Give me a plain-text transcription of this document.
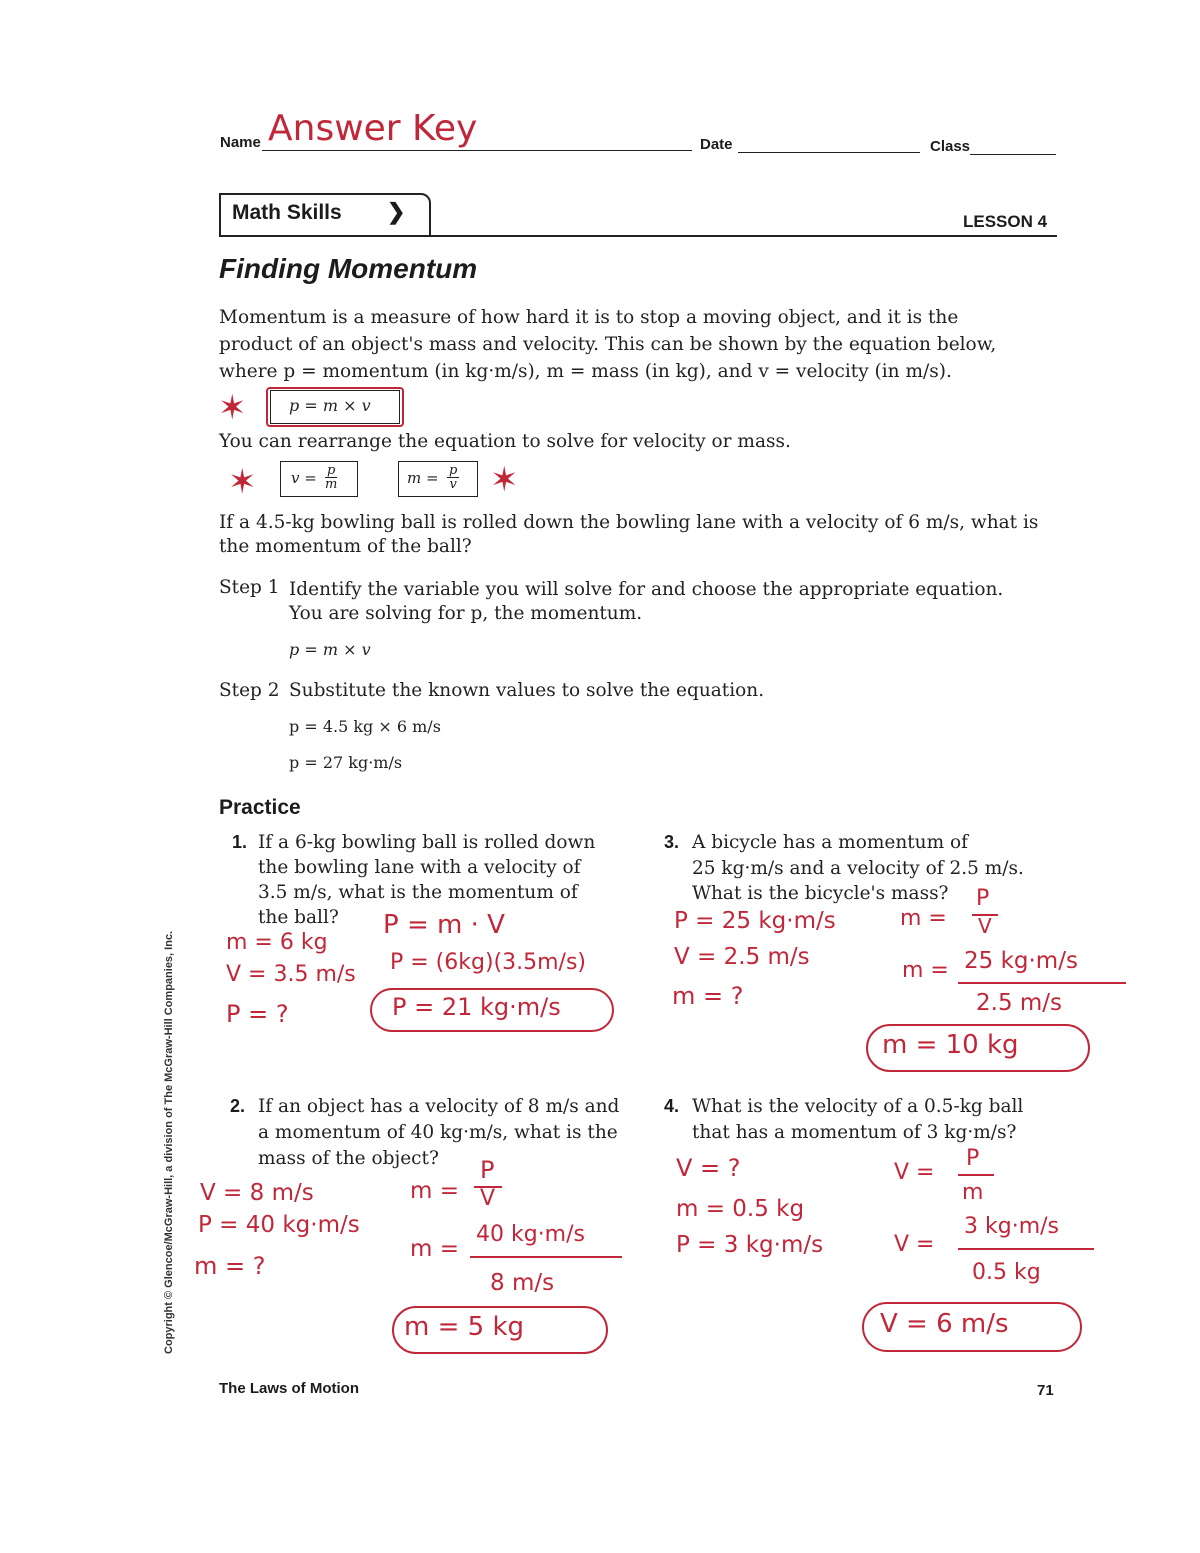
Name Answer Key	Date	Class
Math Skills ❯	LESSON 4
Finding Momentum
Momentum is a measure of how hard it is to stop a moving object, and it is the
product of an object's mass and velocity. This can be shown by the equation below,
where p = momentum (in kg·m/s), m = mass (in kg), and v = velocity (in m/s).
✶	p = m × v
You can rearrange the equation to solve for velocity or mass.
✶ $v = \frac{p}{m}$	$m = \frac{p}{v}$ ✶
If a 4.5-kg bowling ball is rolled down the bowling lane with a velocity of 6 m/s, what is
the momentum of the ball?
Step 1 Identify the variable you will solve for and choose the appropriate equation.
You are solving for p, the momentum.
p = m × v
Step 2 Substitute the known values to solve the equation.
p = 4.5 kg × 6 m/s
p = 27 kg·m/s
Practice
1. If a 6-kg bowling ball is rolled down
the bowling lane with a velocity of
3.5 m/s, what is the momentum of
the ball? P = m · V
m = 6 kg
V = 3.5 m/s
P = ?
P = (6kg)(3.5m/s)
P = 21 kg·m/s
2. If an object has a velocity of 8 m/s and
a momentum of 40 kg·m/s, what is the
mass of the object?
V = 8 m/s
P = 40 kg·m/s
m = ?
m =
P
V
m =
40 kg·m/s
8 m/s
m = 5 kg
3. A bicycle has a momentum of
25 kg·m/s and a velocity of 2.5 m/s.
What is the bicycle's mass?
P = 25 kg·m/s
V = 2.5 m/s
m = ?
m =
P
V
m = 25 kg·m/s
2.5 m/s
m = 10 kg
4. What is the velocity of a 0.5-kg ball
that has a momentum of 3 kg·m/s?
V = ?
m = 0.5 kg
P = 3 kg·m/s
V =
P
m
V =
3 kg·m/s
0.5 kg
V = 6 m/s
Copyright © Glencoe/McGraw-Hill, a division of The McGraw-Hill Companies, Inc.
The Laws of Motion	71
